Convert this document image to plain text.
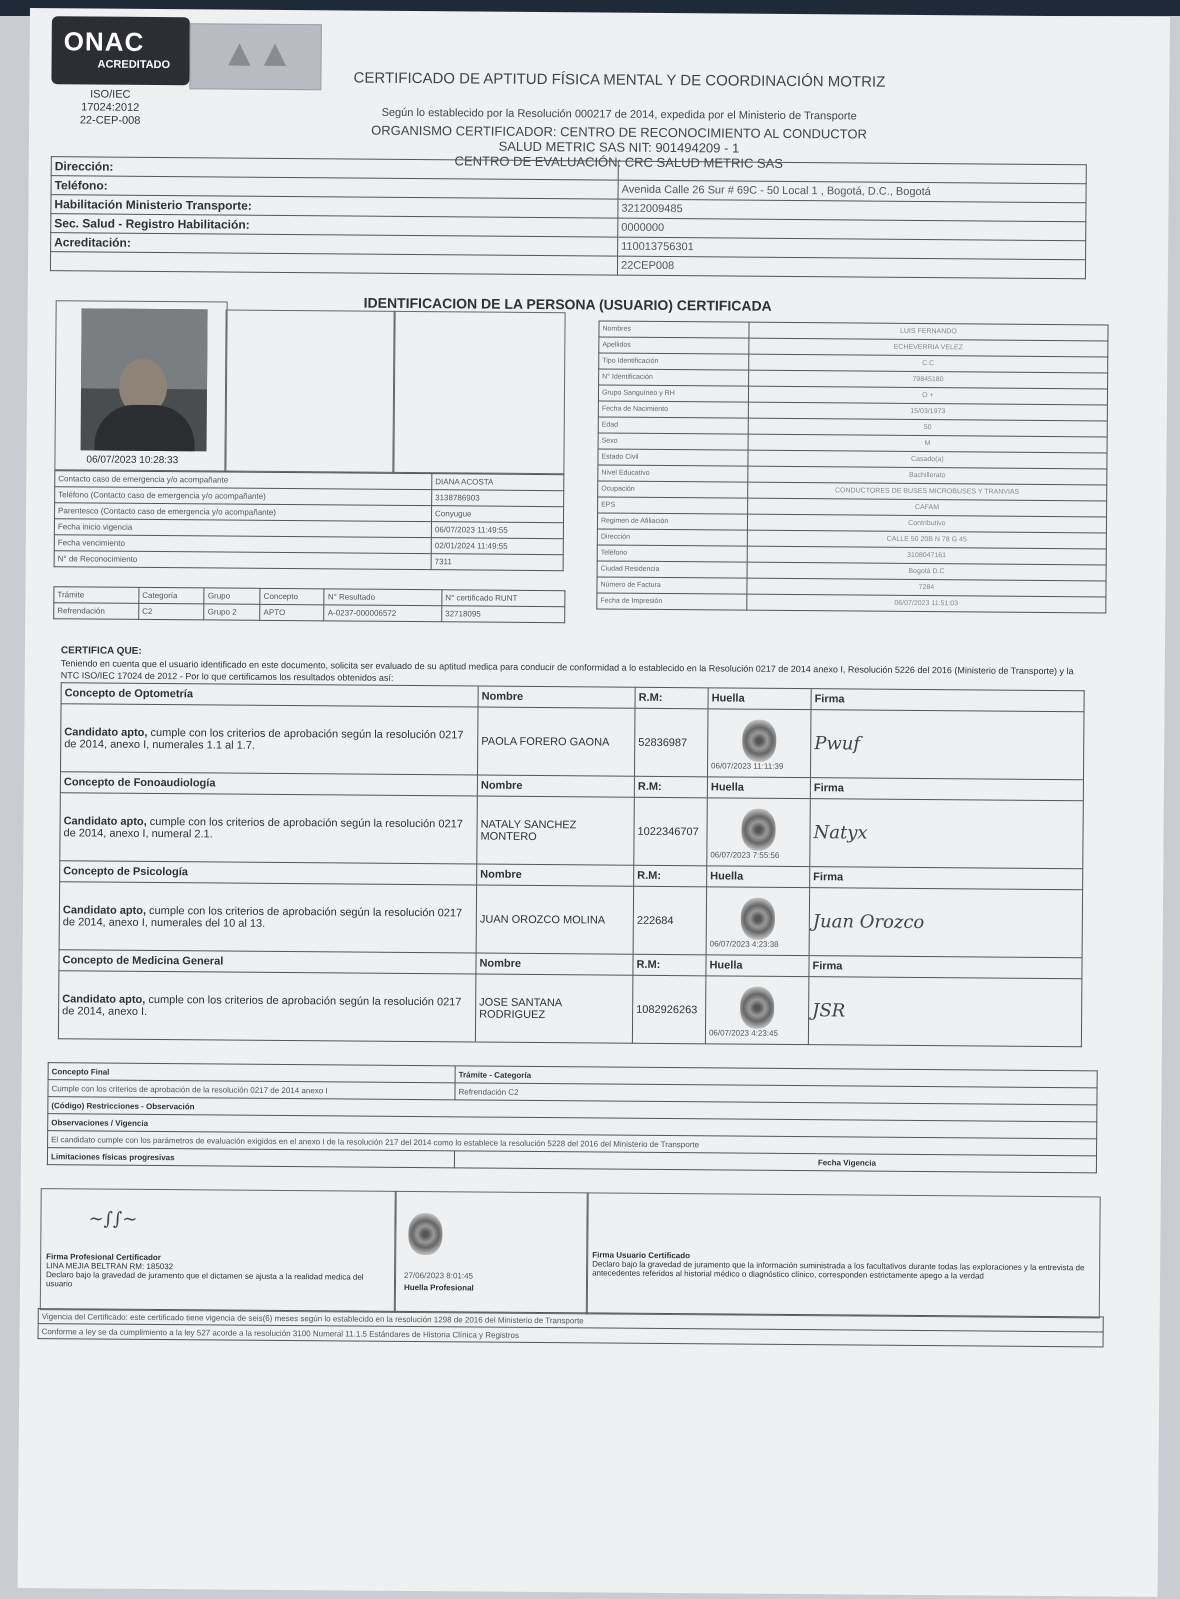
ONAC
ACREDITADO ▲▲
ISO/IEC 17024:2012
22-CEP-008
CERTIFICADO DE APTITUD FÍSICA MENTAL Y DE COORDINACIÓN MOTRIZ
Según lo establecido por la Resolución 000217 de 2014, expedida por el Ministerio de Transporte
ORGANISMO CERTIFICADOR: CENTRO DE RECONOCIMIENTO AL CONDUCTOR
SALUD METRIC SAS NIT: 901494209 - 1
CENTRO DE EVALUACIÓN: CRC SALUD METRIC SAS
Dirección:	
Teléfono:	Avenida Calle 26 Sur # 69C - 50 Local 1 , Bogotá, D.C., Bogotá
Habilitación Ministerio Transporte:	3212009485
Sec. Salud - Registro Habilitación:	0000000
Acreditación:	110013756301
	22CEP008
IDENTIFICACION DE LA PERSONA (USUARIO) CERTIFICADA
06/07/2023 10:28:33
Nombres	LUIS FERNANDO
Apellidos	ECHEVERRIA VELEZ
Tipo Identificación	C.C
N° Identificación	79845180
Grupo Sanguíneo y RH	O +
Fecha de Nacimiento	15/03/1973
Edad	50
Sexo	M
Estado Civil	Casado(a)
Nivel Educativo	Bachillerato
Ocupación	CONDUCTORES DE BUSES MICROBUSES Y TRANVIAS
EPS	CAFAM
Regimen de Afiliación	Contributivo
Dirección	CALLE 50 20B N 78 G 45
Teléfono	3108047161
Ciudad Residencia	Bogotá D.C
Número de Factura	7284
Fecha de Impresión	06/07/2023 11:51:03
Contacto caso de emergencia y/o acompañante	DIANA ACOSTA
Teléfono (Contacto caso de emergencia y/o acompañante)	3138786903
Parentesco (Contacto caso de emergencia y/o acompañante)	Conyugue
Fecha inicio vigencia	06/07/2023 11:49:55
Fecha vencimiento	02/01/2024 11:49:55
N° de Reconocimiento	7311
Trámite	Categoría	Grupo	Concepto	N° Resultado	N° certificado RUNT
Refrendación	C2	Grupo 2	APTO	A-0237-000006572	32718095
CERTIFICA QUE:
Teniendo en cuenta que el usuario identificado en este documento, solicita ser evaluado de su aptitud medica para conducir de conformidad a lo establecido en la Resolución 0217 de 2014 anexo I, Resolución 5226 del 2016 (Ministerio de Transporte) y la NTC ISO/IEC 17024 de 2012 - Por lo que certificamos los resultados obtenidos así:
Concepto de Optometría	Nombre	R.M:	Huella	Firma
Candidato apto, cumple con los criterios de aprobación según la resolución 0217 de 2014, anexo I, numerales 1.1 al 1.7.	PAOLA FORERO GAONA	52836987	06/07/2023 11:11:39	Pwuf
Concepto de Fonoaudiología	Nombre	R.M:	Huella	Firma
Candidato apto, cumple con los criterios de aprobación según la resolución 0217 de 2014, anexo I, numeral 2.1.	NATALY SANCHEZ MONTERO	1022346707	06/07/2023 7:55:56	Natyx
Concepto de Psicología	Nombre	R.M:	Huella	Firma
Candidato apto, cumple con los criterios de aprobación según la resolución 0217 de 2014, anexo I, numerales del 10 al 13.	JUAN OROZCO MOLINA	222684	06/07/2023 4:23:38	Juan Orozco
Concepto de Medicina General	Nombre	R.M:	Huella	Firma
Candidato apto, cumple con los criterios de aprobación según la resolución 0217 de 2014, anexo I.	JOSE SANTANA RODRIGUEZ	1082926263	06/07/2023 4:23:45	JSR
Concepto Final	Trámite - Categoría
Cumple con los criterios de aprobación de la resolución 0217 de 2014 anexo I	Refrendación C2
(Código) Restricciones - Observación	
Observaciones / Vigencia	
El candidato cumple con los parámetros de evaluación exigidos en el anexo I de la resolución 217 del 2014 como lo establece la resolución 5228 del 2016 del Ministerio de Transporte	
Limitaciones físicas progresivas	Fecha Vigencia
~∫∫~
Firma Profesional Certificador
LINA MEJIA BELTRAN RM: 185032
Declaro bajo la gravedad de juramento que el dictamen se ajusta a la realidad medica del usuario
27/06/2023 8:01:45
Huella Profesional
Firma Usuario Certificado
Declaro bajo la gravedad de juramento que la información suministrada a los facultativos durante todas las exploraciones y la entrevista de antecedentes referidos al historial médico o diagnóstico clínico, corresponden estrictamente apego a la verdad
Vigencia del Certificado: este certificado tiene vigencia de seis(6) meses según lo establecido en la resolución 1298 de 2016 del Ministerio de Transporte
Conforme a ley se da cumplimiento a la ley 527 acorde a la resolución 3100 Numeral 11.1.5 Estándares de Historia Clínica y Registros
